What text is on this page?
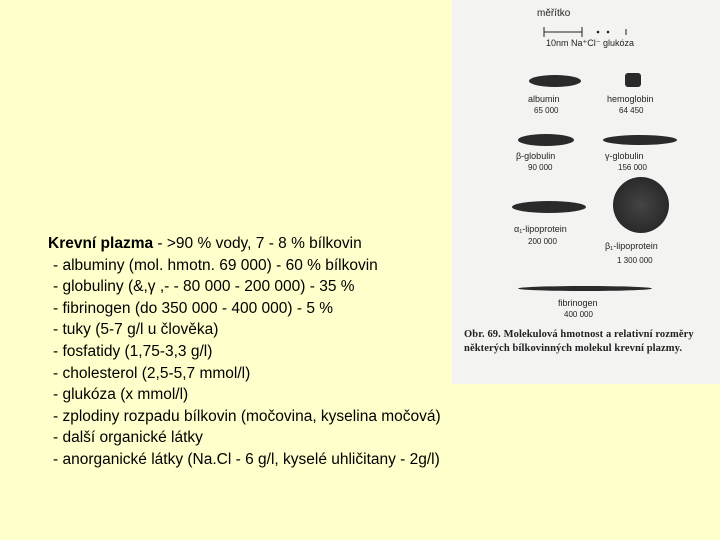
měřítko
10nm Na⁺Cl⁻ glukóza
albumin
65 000
hemoglobin
64 450
β-globulin
90 000
γ-globulin
156 000
α₁-lipoprotein
200 000	β₁-lipoprotein
1 300 000
fibrinogen
400 000
Obr. 69. Molekulová hmotnost a relativní rozměry některých bílkovinných molekul krevní plazmy.
Krevní plazma - >90 % vody, 7 - 8 % bílkovin
- albuminy (mol. hmotn. 69 000) - 60 % bílkovin
- globuliny (&,γ ,- - 80 000 - 200 000) - 35 %
- fibrinogen (do 350 000 - 400 000) - 5 %
- tuky (5-7 g/l u člověka)
- fosfatidy (1,75-3,3 g/l)
- cholesterol (2,5-5,7 mmol/l)
- glukóza (x mmol/l)
- zplodiny rozpadu bílkovin (močovina, kyselina močová)
- další organické látky
- anorganické látky (Na.Cl - 6 g/l, kyselé uhličitany - 2g/l)
